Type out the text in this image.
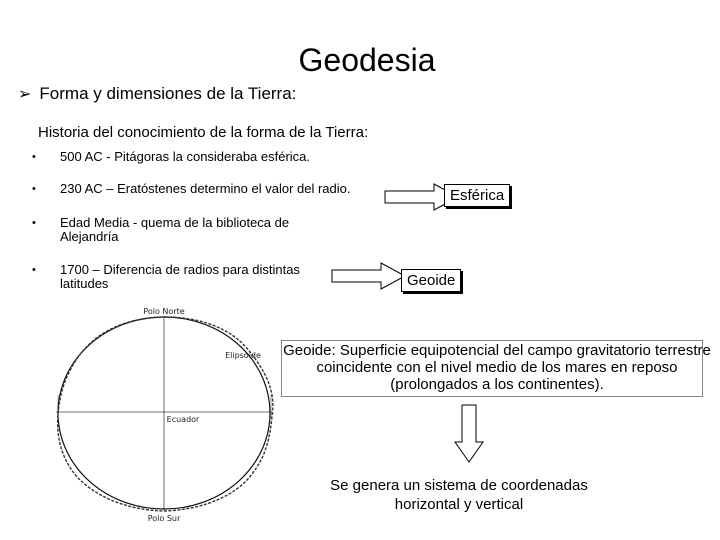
Geodesia
➢ Forma y dimensiones de la Tierra:
Historia del conocimiento de la forma de la Tierra:
•	500 AC - Pitágoras la consideraba esférica.
•	230 AC – Eratóstenes determino el valor del radio.
•	Edad Media - quema de la biblioteca de Alejandría
•	1700 – Diferencia de radios para distintas latitudes
Esférica
Geoide
Polo Norte
Polo Sur
Elipsoide
Ecuador
Geoide: Superficie equipotencial del campo gravitatorio terrestre coincidente con el nivel medio de los mares en reposo (prolongados a los continentes).
Se genera un sistema de coordenadas horizontal y vertical
